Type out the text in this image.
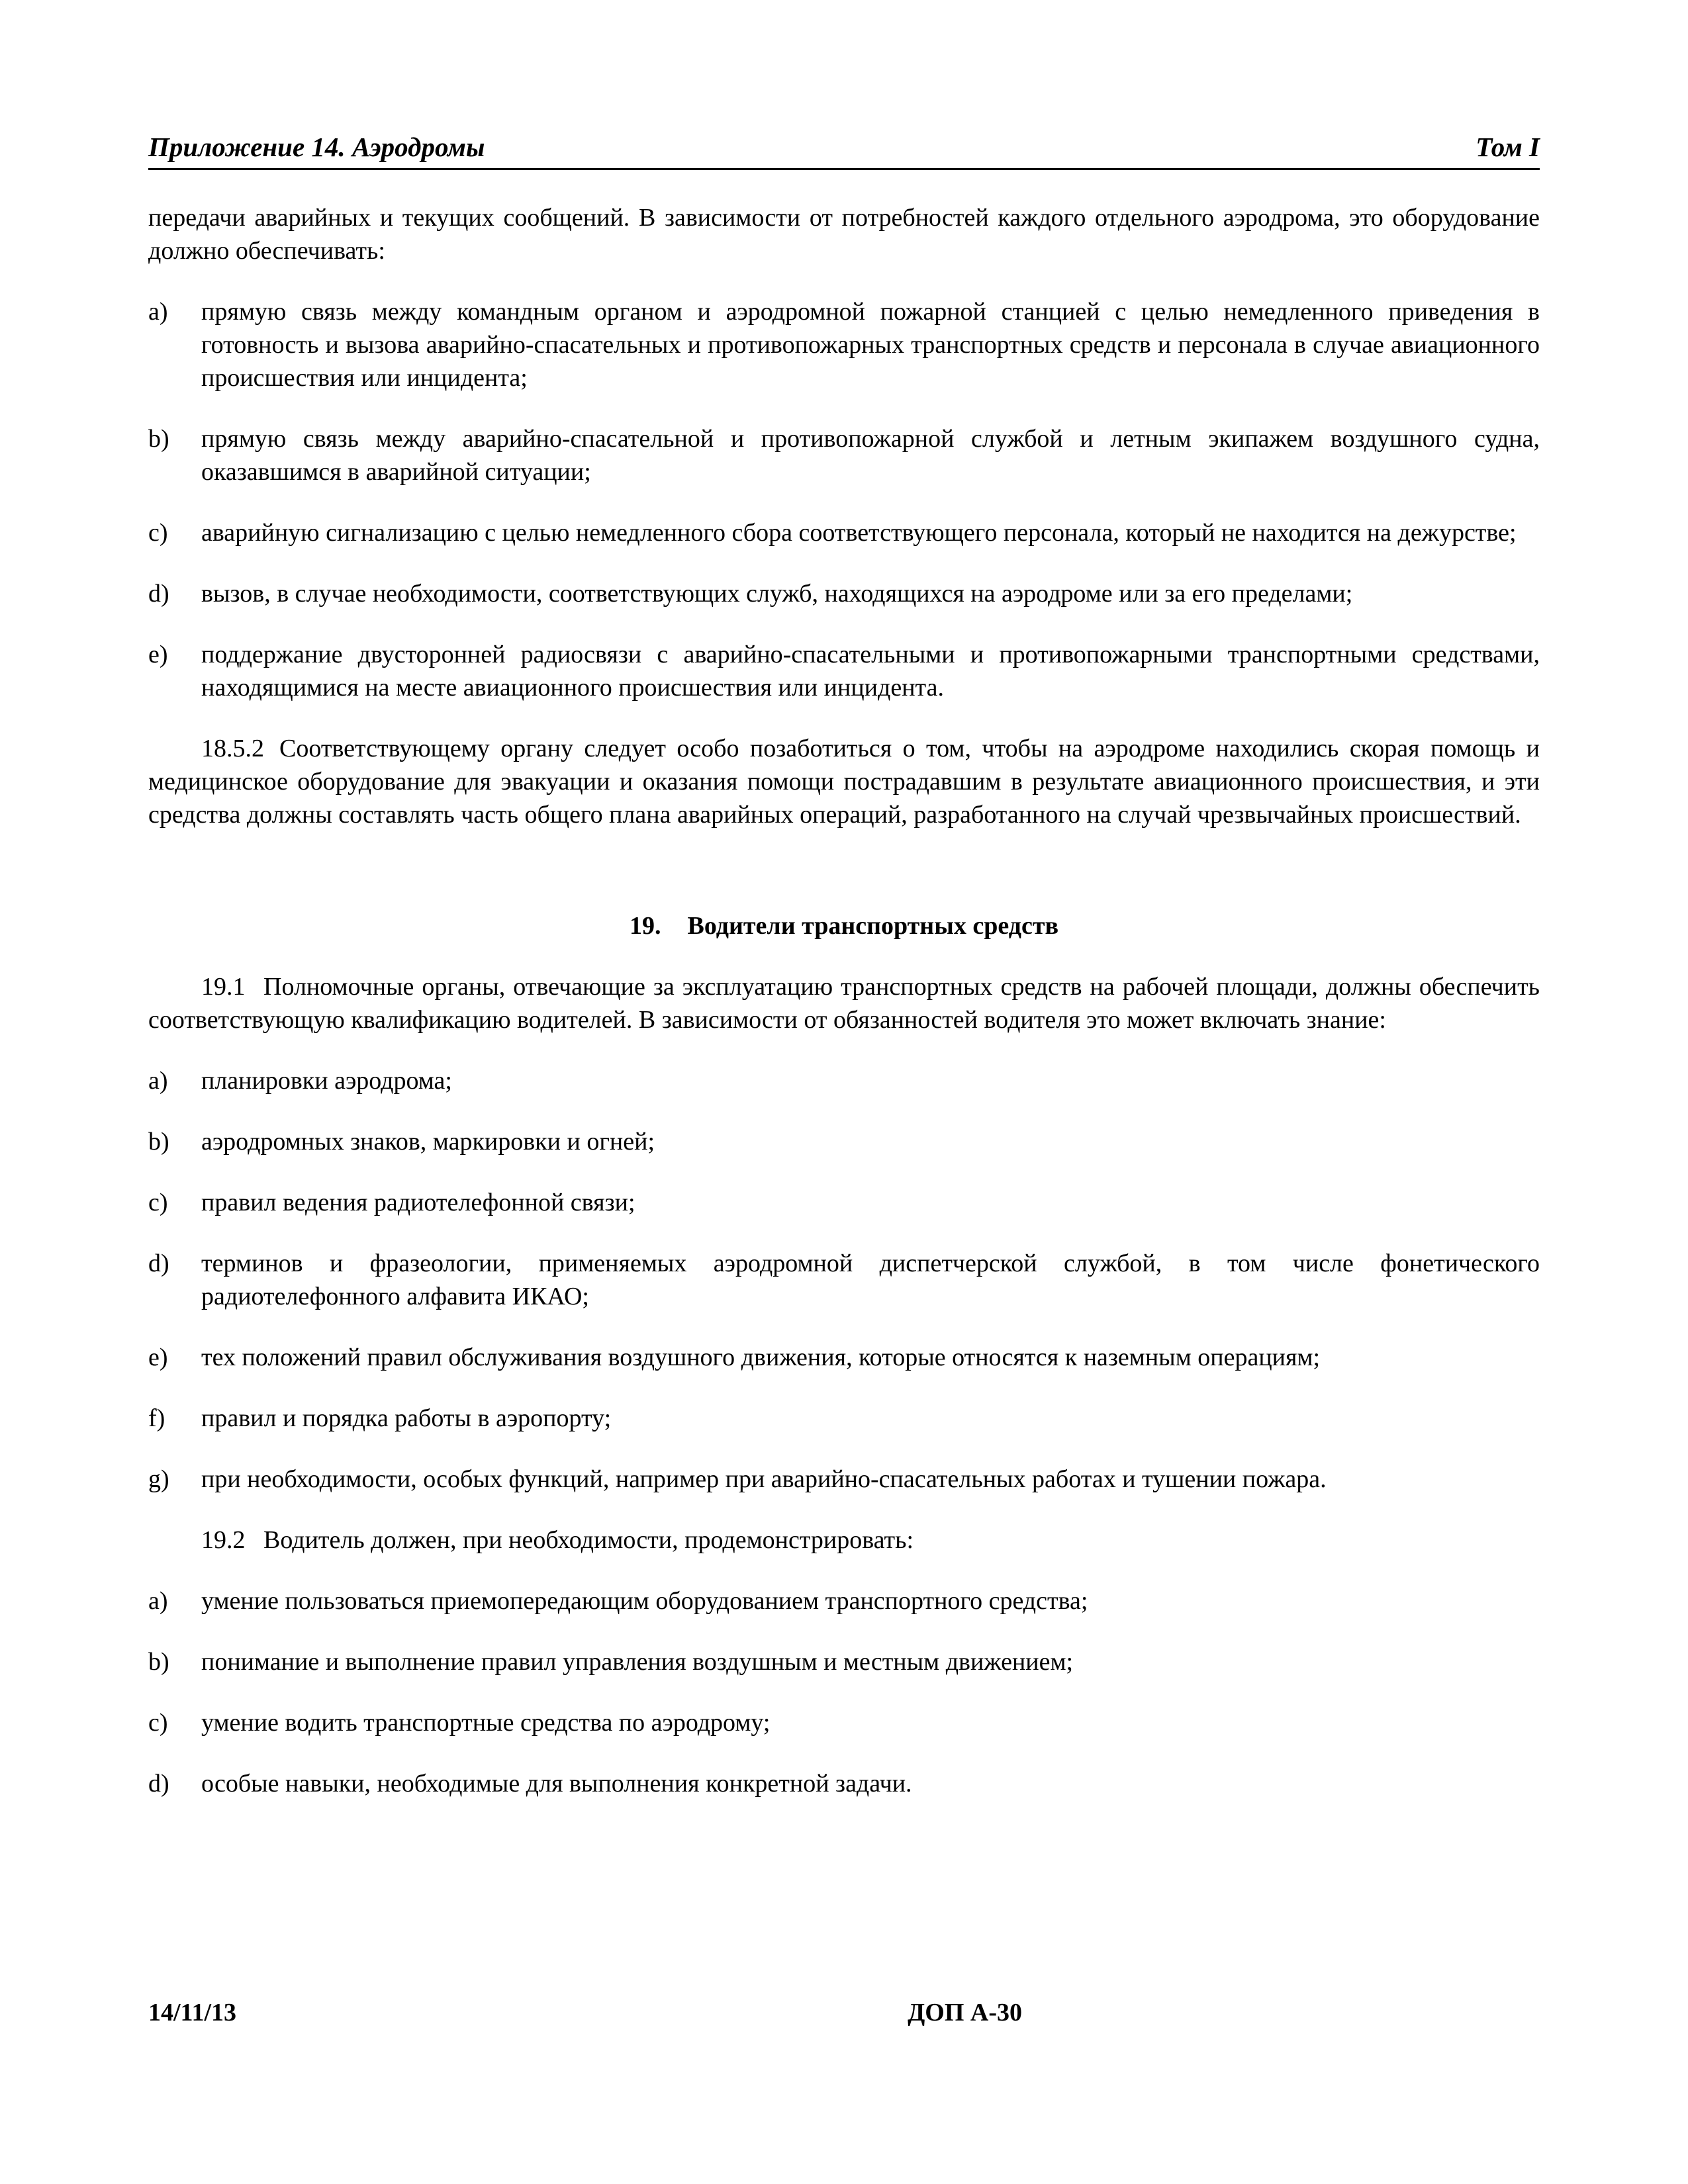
Приложение 14. Аэродромы	Том I
передачи аварийных и текущих сообщений. В зависимости от потребностей каждого отдельного аэродрома, это оборудование должно обеспечивать:
a)	прямую связь между командным органом и аэродромной пожарной станцией с целью немедленного приведения в готовность и вызова аварийно-спасательных и противопожарных транспортных средств и персонала в случае авиационного происшествия или инцидента;
b)	прямую связь между аварийно-спасательной и противопожарной службой и летным экипажем воздушного судна, оказавшимся в аварийной ситуации;
c)	аварийную сигнализацию с целью немедленного сбора соответствующего персонала, который не находится на дежурстве;
d)	вызов, в случае необходимости, соответствующих служб, находящихся на аэродроме или за его пределами;
e)	поддержание двусторонней радиосвязи с аварийно-спасательными и противопожарными транспортными средствами, находящимися на месте авиационного происшествия или инцидента.
18.5.2 Соответствующему органу следует особо позаботиться о том, чтобы на аэродроме находились скорая помощь и медицинское оборудование для эвакуации и оказания помощи пострадавшим в результате авиационного происшествия, и эти средства должны составлять часть общего плана аварийных операций, разработанного на случай чрезвычайных происшествий.
19. Водители транспортных средств
19.1 Полномочные органы, отвечающие за эксплуатацию транспортных средств на рабочей площади, должны обеспечить соответствующую квалификацию водителей. В зависимости от обязанностей водителя это может включать знание:
a)	планировки аэродрома;
b)	аэродромных знаков, маркировки и огней;
c)	правил ведения радиотелефонной связи;
d)	терминов и фразеологии, применяемых аэродромной диспетчерской службой, в том числе фонетического радиотелефонного алфавита ИКАО;
e)	тех положений правил обслуживания воздушного движения, которые относятся к наземным операциям;
f)	правил и порядка работы в аэропорту;
g)	при необходимости, особых функций, например при аварийно-спасательных работах и тушении пожара.
19.2 Водитель должен, при необходимости, продемонстрировать:
a)	умение пользоваться приемопередающим оборудованием транспортного средства;
b)	понимание и выполнение правил управления воздушным и местным движением;
c)	умение водить транспортные средства по аэродрому;
d)	особые навыки, необходимые для выполнения конкретной задачи.
14/11/13	ДОП А-30
